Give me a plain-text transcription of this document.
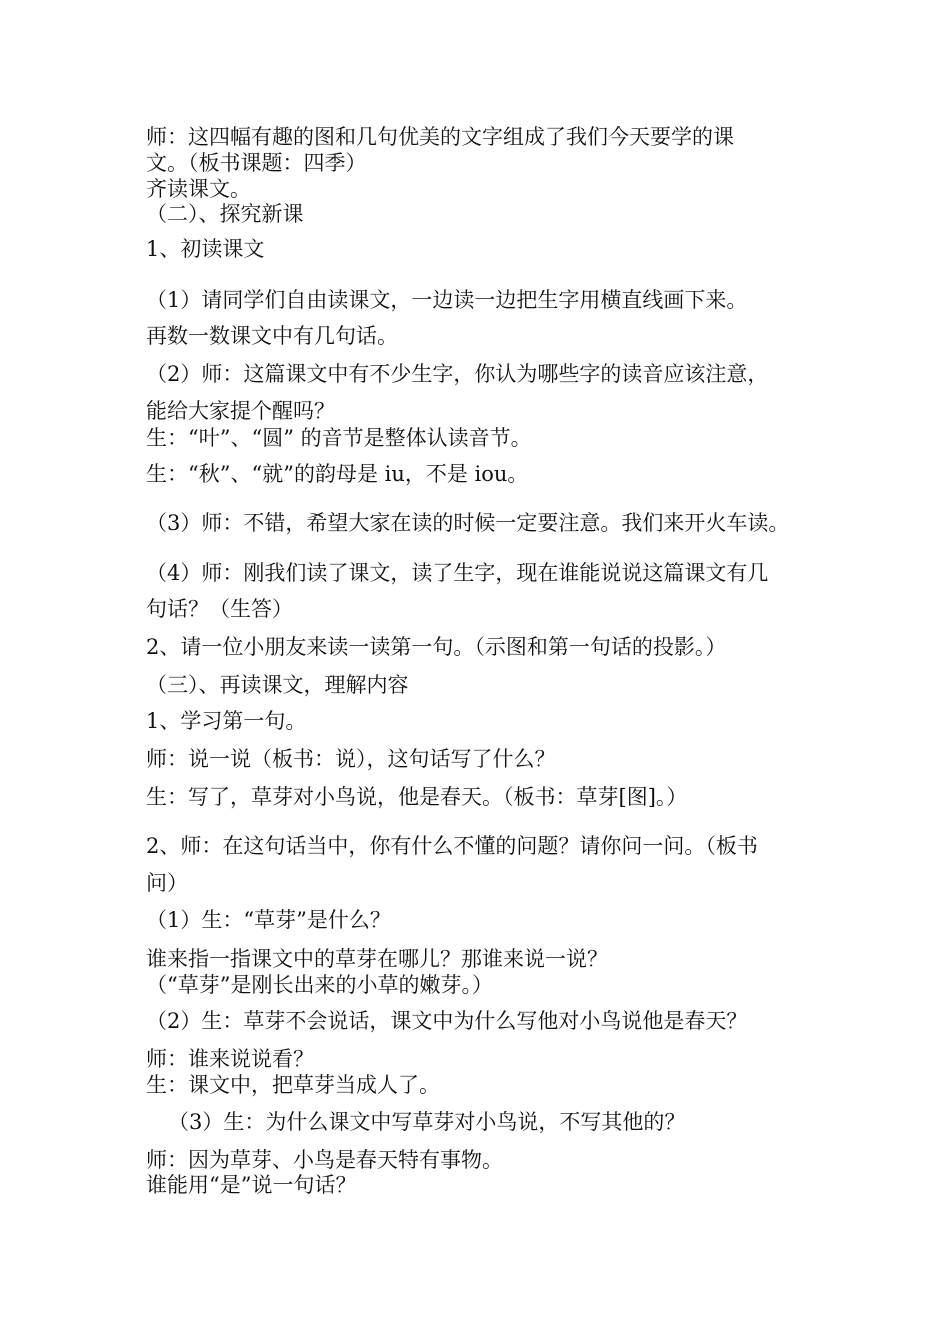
师：这四幅有趣的图和几句优美的文字组成了我们今天要学的课
文。（板书课题：四季）
齐读课文。
（二）、探究新课
1、初读课文
（1）请同学们自由读课文，一边读一边把生字用横直线画下来。
再数一数课文中有几句话。
（2）师：这篇课文中有不少生字，你认为哪些字的读音应该注意，
能给大家提个醒吗？
生：“叶”、“圆” 的音节是整体认读音节。
生：“秋”、“就”的韵母是 iu，不是 iou。
（3）师：不错，希望大家在读的时候一定要注意。我们来开火车读。
（4）师：刚我们读了课文，读了生字，现在谁能说说这篇课文有几
句话？（生答）
2、请一位小朋友来读一读第一句。（示图和第一句话的投影。）
（三）、再读课文，理解内容
1、学习第一句。
师：说一说（板书：说），这句话写了什么？
生：写了，草芽对小鸟说，他是春天。（板书：草芽[图]。）
2、师：在这句话当中，你有什么不懂的问题？请你问一问。（板书
问）
（1）生：“草芽”是什么？
谁来指一指课文中的草芽在哪儿？那谁来说一说？
（“草芽”是刚长出来的小草的嫩芽。）
（2）生：草芽不会说话，课文中为什么写他对小鸟说他是春天？
师：谁来说说看？
生：课文中，把草芽当成人了。
（3）生：为什么课文中写草芽对小鸟说，不写其他的？
师：因为草芽、小鸟是春天特有事物。
谁能用“是”说一句话？
